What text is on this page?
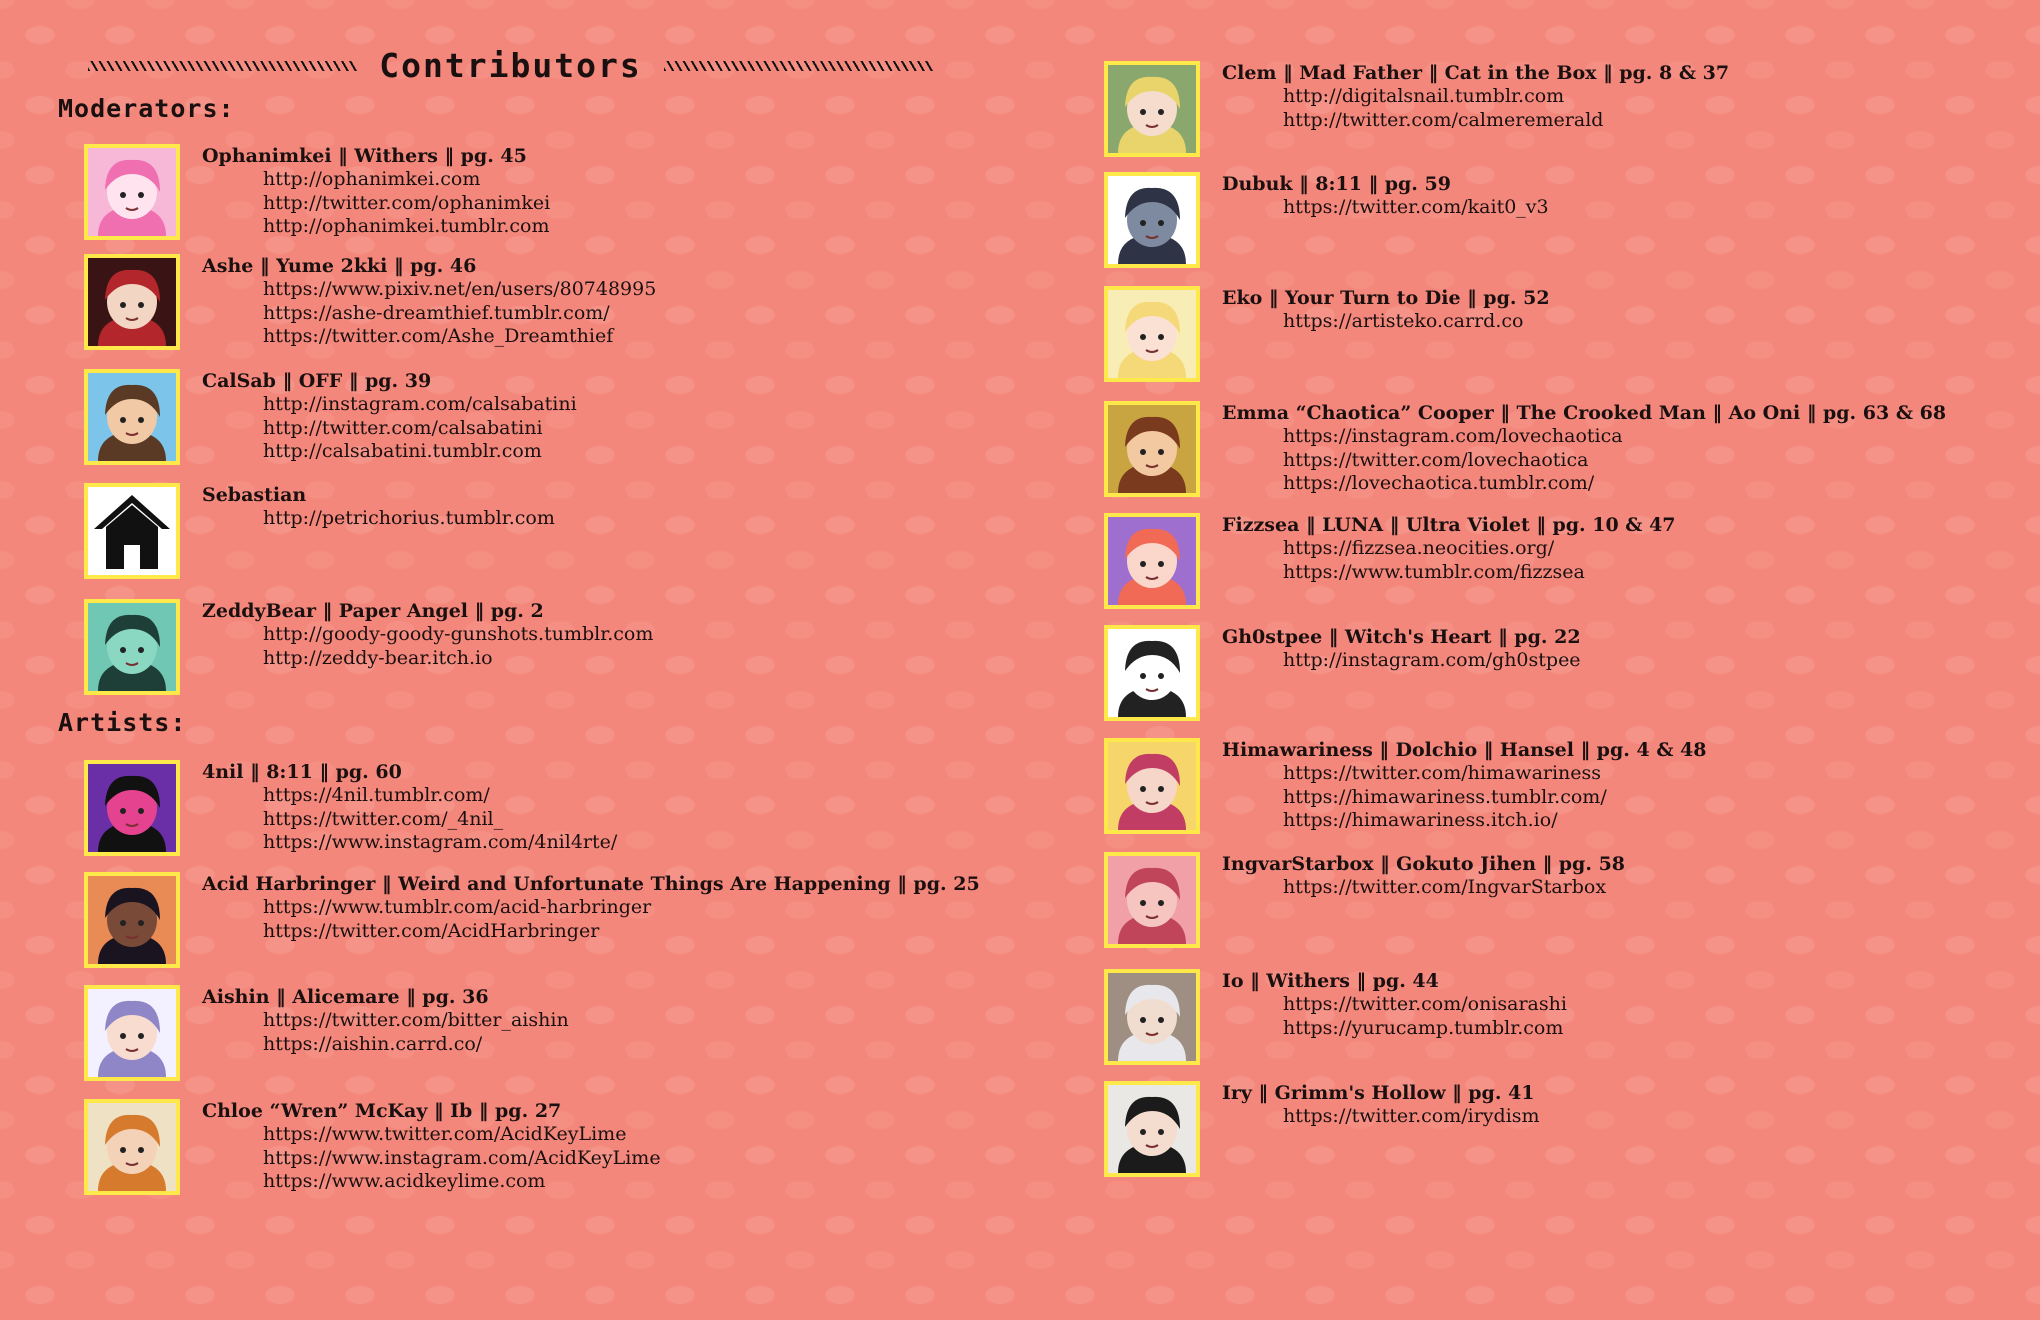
Contributors
Moderators:
Artists:
Ophanimkei ‖ Withers ‖ pg. 45
http://ophanimkei.com
http://twitter.com/ophanimkei
http://ophanimkei.tumblr.com
Ashe ‖ Yume 2kki ‖ pg. 46
https://www.pixiv.net/en/users/80748995
https://ashe-dreamthief.tumblr.com/
https://twitter.com/Ashe_Dreamthief
CalSab ‖ OFF ‖ pg. 39
http://instagram.com/calsabatini
http://twitter.com/calsabatini
http://calsabatini.tumblr.com
Sebastian
http://petrichorius.tumblr.com
ZeddyBear ‖ Paper Angel ‖ pg. 2
http://goody-goody-gunshots.tumblr.com
http://zeddy-bear.itch.io
4nil ‖ 8:11 ‖ pg. 60
https://4nil.tumblr.com/
https://twitter.com/_4nil_
https://www.instagram.com/4nil4rte/
Acid Harbringer ‖ Weird and Unfortunate Things Are Happening ‖ pg. 25
https://www.tumblr.com/acid-harbringer
https://twitter.com/AcidHarbringer
Aishin ‖ Alicemare ‖ pg. 36
https://twitter.com/bitter_aishin
https://aishin.carrd.co/
Chloe “Wren” McKay ‖ Ib ‖ pg. 27
https://www.twitter.com/AcidKeyLime
https://www.instagram.com/AcidKeyLime
https://www.acidkeylime.com
Clem ‖ Mad Father ‖ Cat in the Box ‖ pg. 8 & 37
http://digitalsnail.tumblr.com
http://twitter.com/calmeremerald
Dubuk ‖ 8:11 ‖ pg. 59
https://twitter.com/kait0_v3
Eko ‖ Your Turn to Die ‖ pg. 52
https://artisteko.carrd.co
Emma “Chaotica” Cooper ‖ The Crooked Man ‖ Ao Oni ‖ pg. 63 & 68
https://instagram.com/lovechaotica
https://twitter.com/lovechaotica
https://lovechaotica.tumblr.com/
Fizzsea ‖ LUNA ‖ Ultra Violet ‖ pg. 10 & 47
https://fizzsea.neocities.org/
https://www.tumblr.com/fizzsea
Gh0stpee ‖ Witch's Heart ‖ pg. 22
http://instagram.com/gh0stpee
Himawariness ‖ Dolchio ‖ Hansel ‖ pg. 4 & 48
https://twitter.com/himawariness
https://himawariness.tumblr.com/
https://himawariness.itch.io/
IngvarStarbox ‖ Gokuto Jihen ‖ pg. 58
https://twitter.com/IngvarStarbox
Io ‖ Withers ‖ pg. 44
https://twitter.com/onisarashi
https://yurucamp.tumblr.com
Iry ‖ Grimm's Hollow ‖ pg. 41
https://twitter.com/irydism
